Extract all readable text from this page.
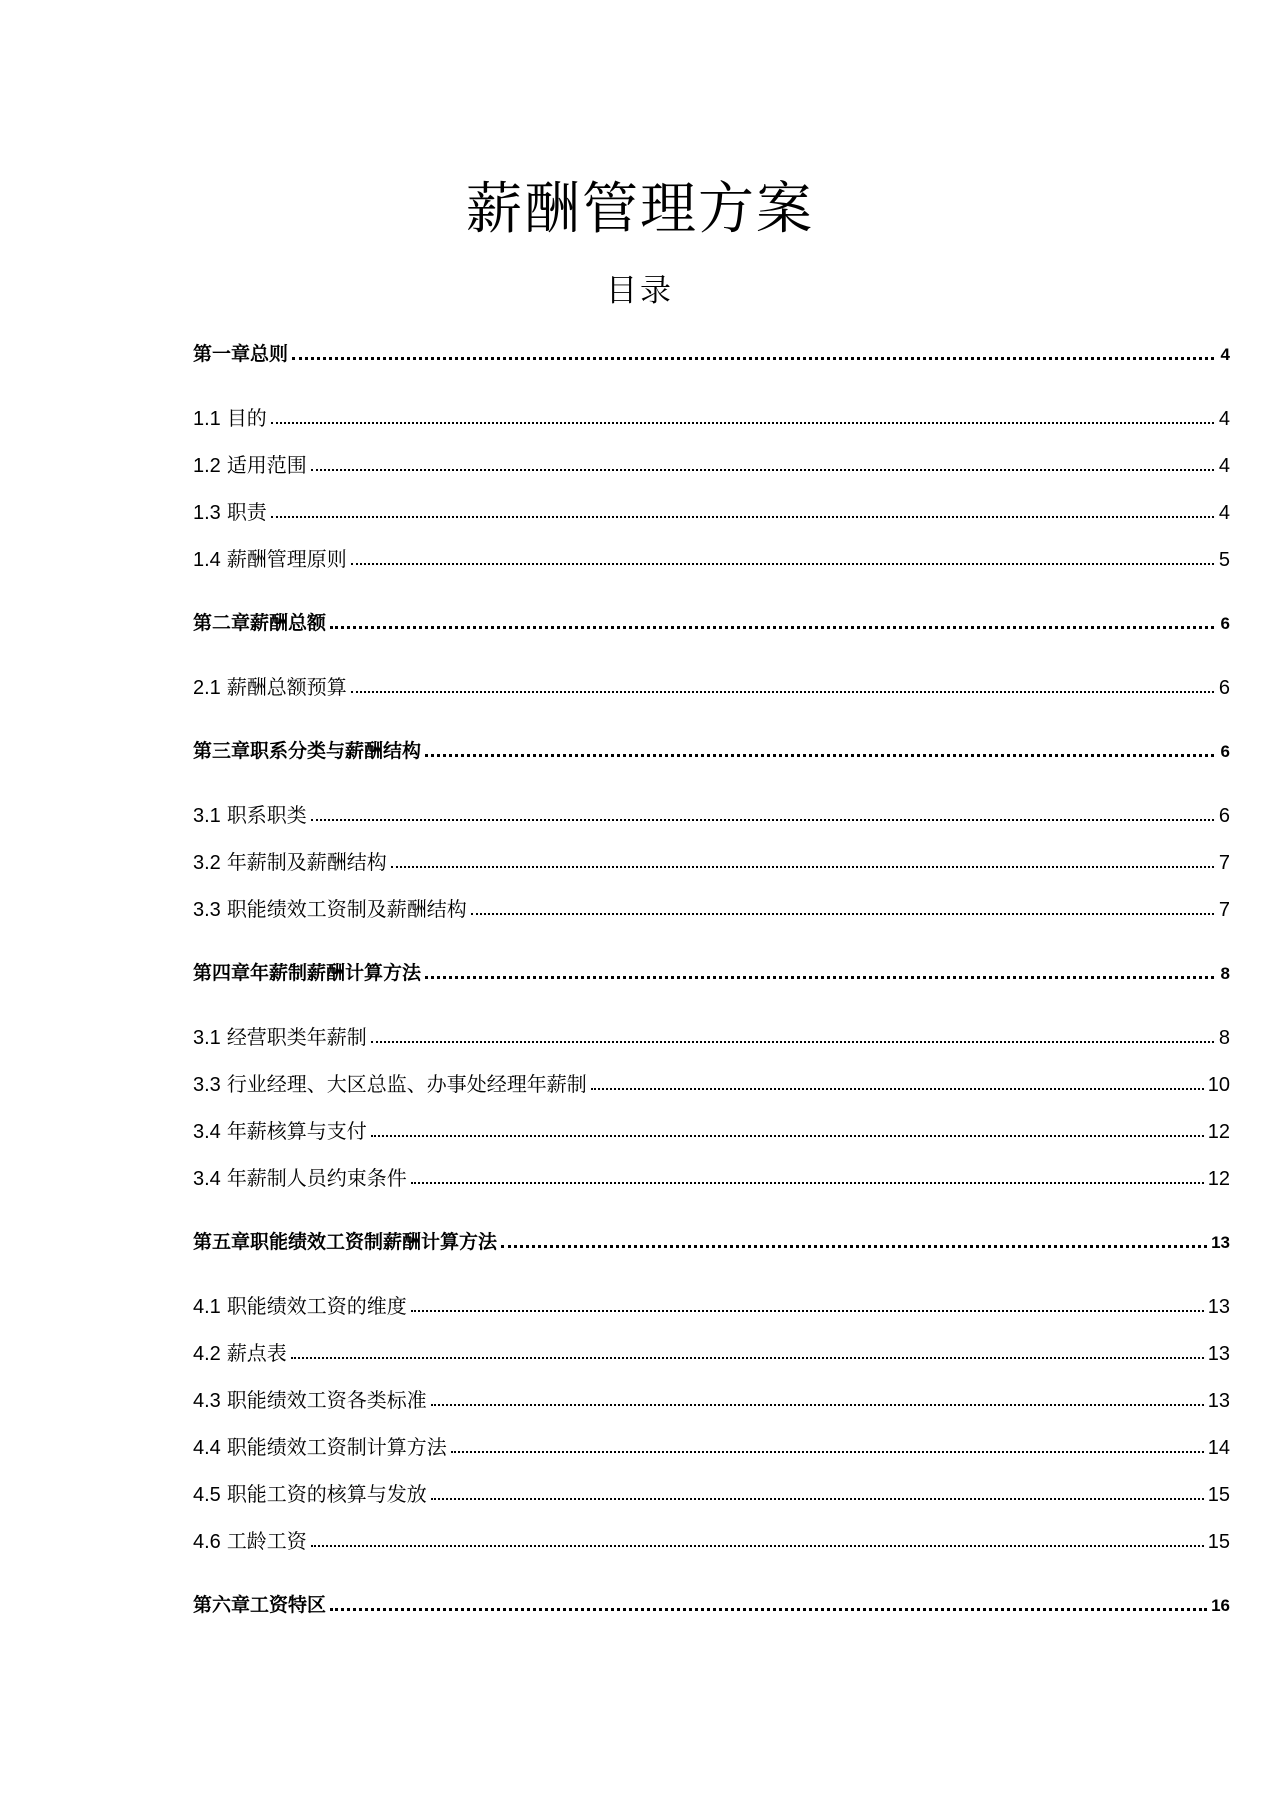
薪酬管理方案
目录
第一章总则	4
1.1 目的	4
1.2 适用范围	4
1.3 职责	4
1.4 薪酬管理原则	5
第二章薪酬总额	6
2.1 薪酬总额预算	6
第三章职系分类与薪酬结构	6
3.1 职系职类	6
3.2 年薪制及薪酬结构	7
3.3 职能绩效工资制及薪酬结构	7
第四章年薪制薪酬计算方法	8
3.1 经营职类年薪制	8
3.3 行业经理、大区总监、办事处经理年薪制	10
3.4 年薪核算与支付	12
3.4 年薪制人员约束条件	12
第五章职能绩效工资制薪酬计算方法	13
4.1 职能绩效工资的维度	13
4.2 薪点表	13
4.3 职能绩效工资各类标准	13
4.4 职能绩效工资制计算方法	14
4.5 职能工资的核算与发放	15
4.6 工龄工资	15
第六章工资特区	16
